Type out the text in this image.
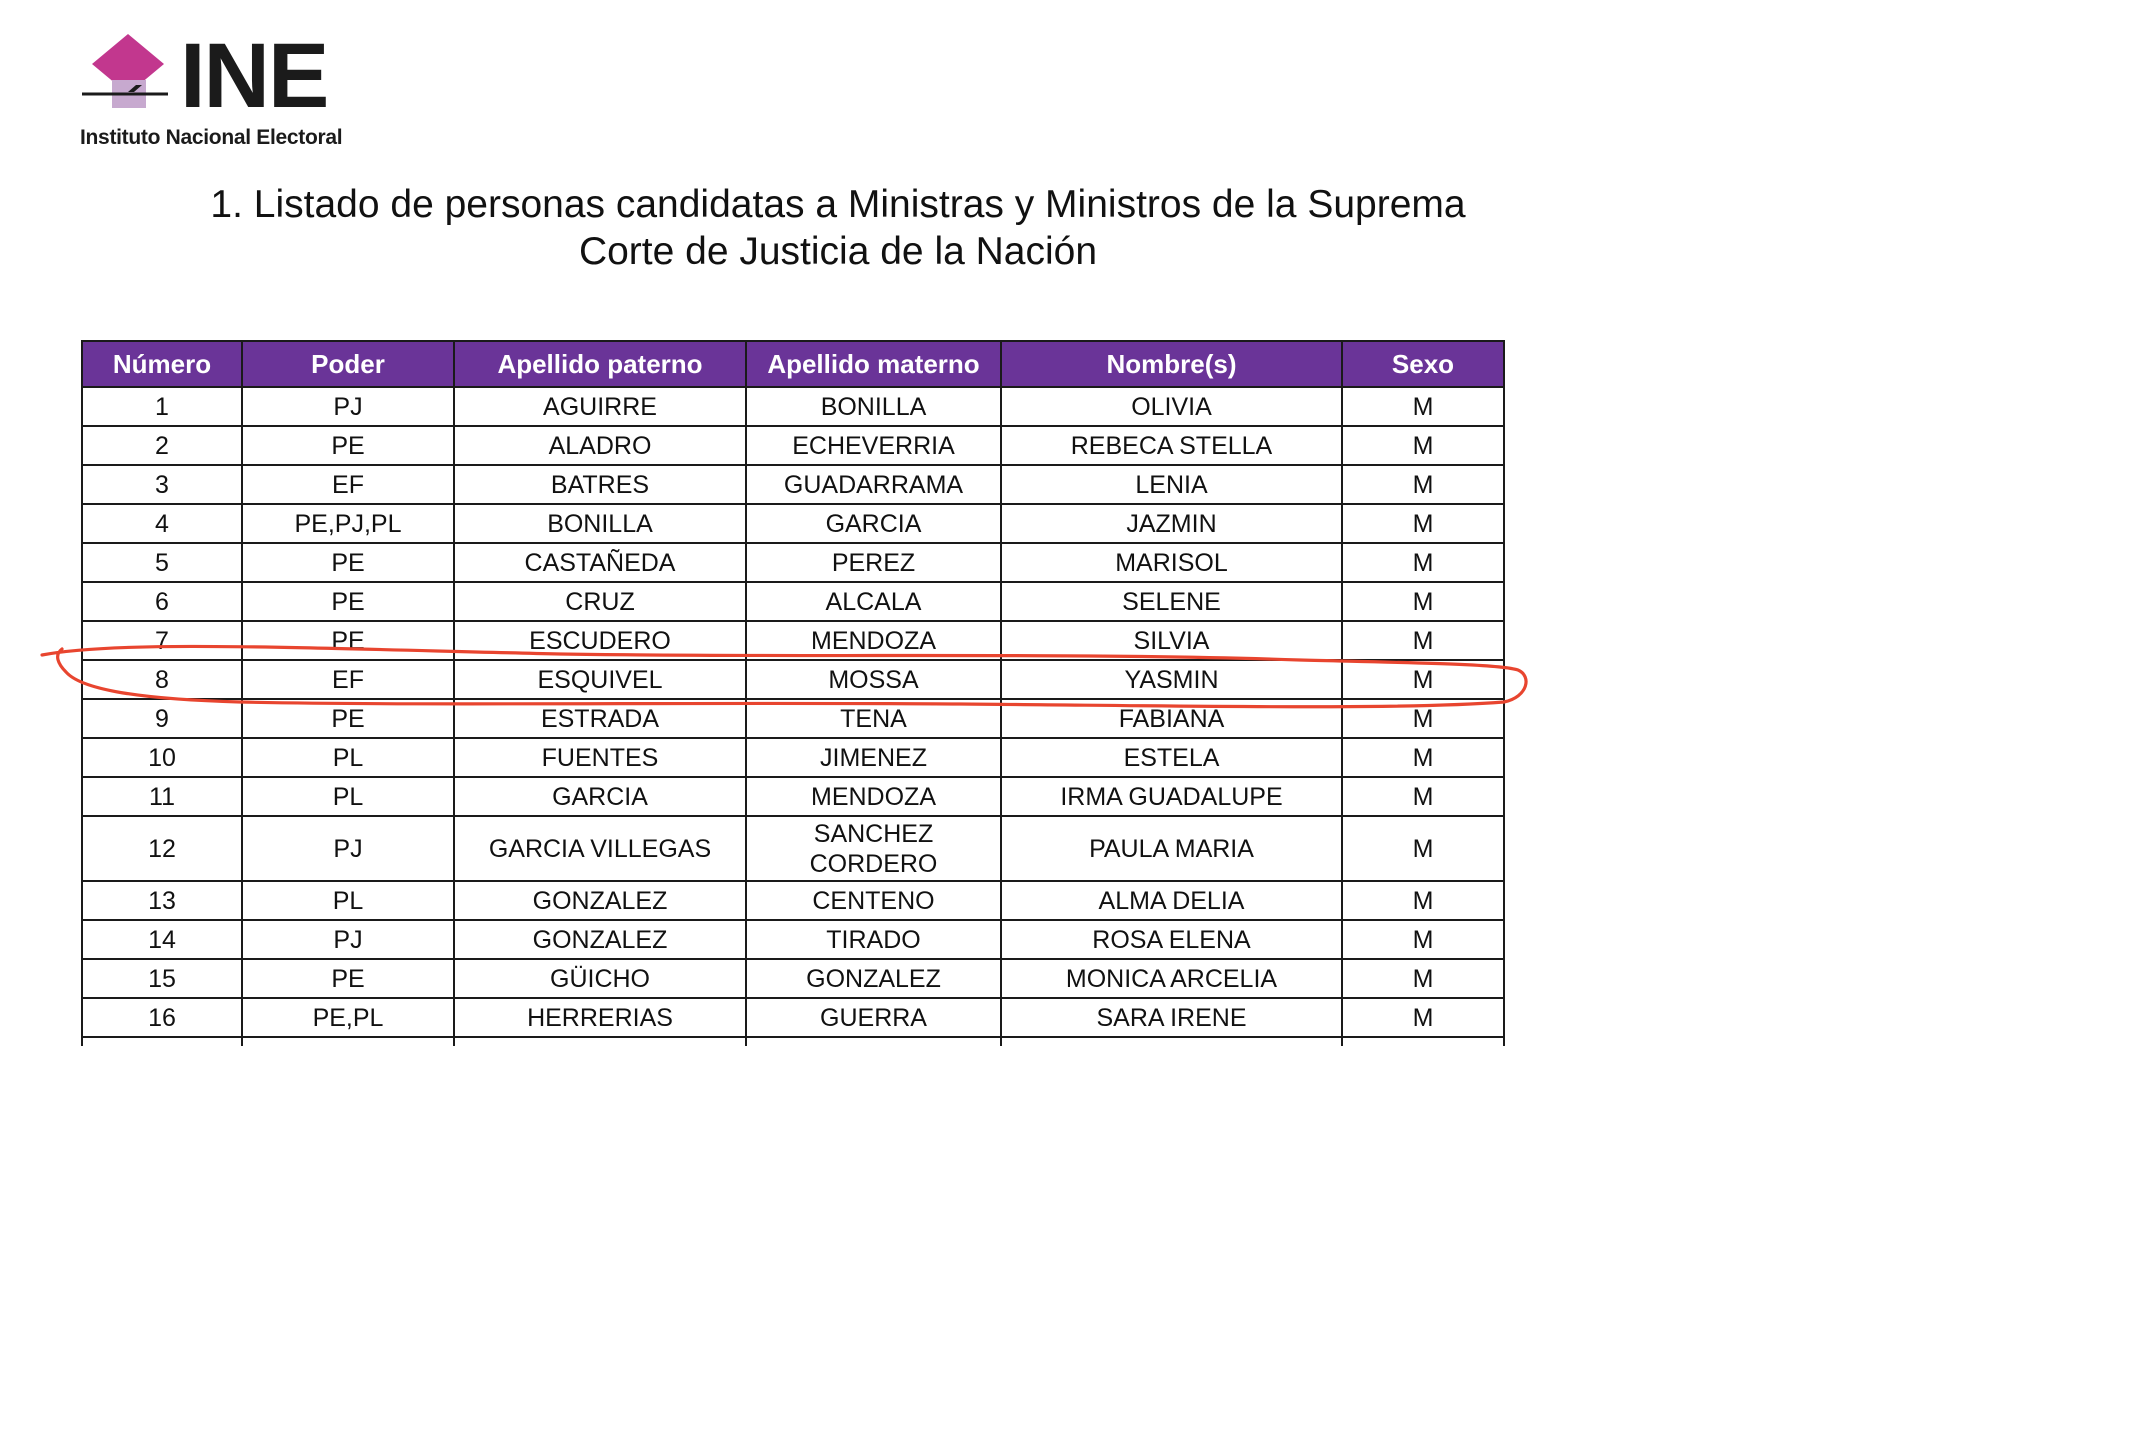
INE
Instituto Nacional Electoral
1. Listado de personas candidatas a Ministras y Ministros de la Suprema
Corte de Justicia de la Nación
Número	Poder	Apellido paterno	Apellido materno	Nombre(s)	Sexo
1	PJ	AGUIRRE	BONILLA	OLIVIA	M
2	PE	ALADRO	ECHEVERRIA	REBECA STELLA	M
3	EF	BATRES	GUADARRAMA	LENIA	M
4	PE,PJ,PL	BONILLA	GARCIA	JAZMIN	M
5	PE	CASTAÑEDA	PEREZ	MARISOL	M
6	PE	CRUZ	ALCALA	SELENE	M
7	PE	ESCUDERO	MENDOZA	SILVIA	M
8	EF	ESQUIVEL	MOSSA	YASMIN	M
9	PE	ESTRADA	TENA	FABIANA	M
10	PL	FUENTES	JIMENEZ	ESTELA	M
11	PL	GARCIA	MENDOZA	IRMA GUADALUPE	M
12	PJ	GARCIA VILLEGAS	SANCHEZ CORDERO	PAULA MARIA	M
13	PL	GONZALEZ	CENTENO	ALMA DELIA	M
14	PJ	GONZALEZ	TIRADO	ROSA ELENA	M
15	PE	GÜICHO	GONZALEZ	MONICA ARCELIA	M
16	PE,PL	HERRERIAS	GUERRA	SARA IRENE	M
